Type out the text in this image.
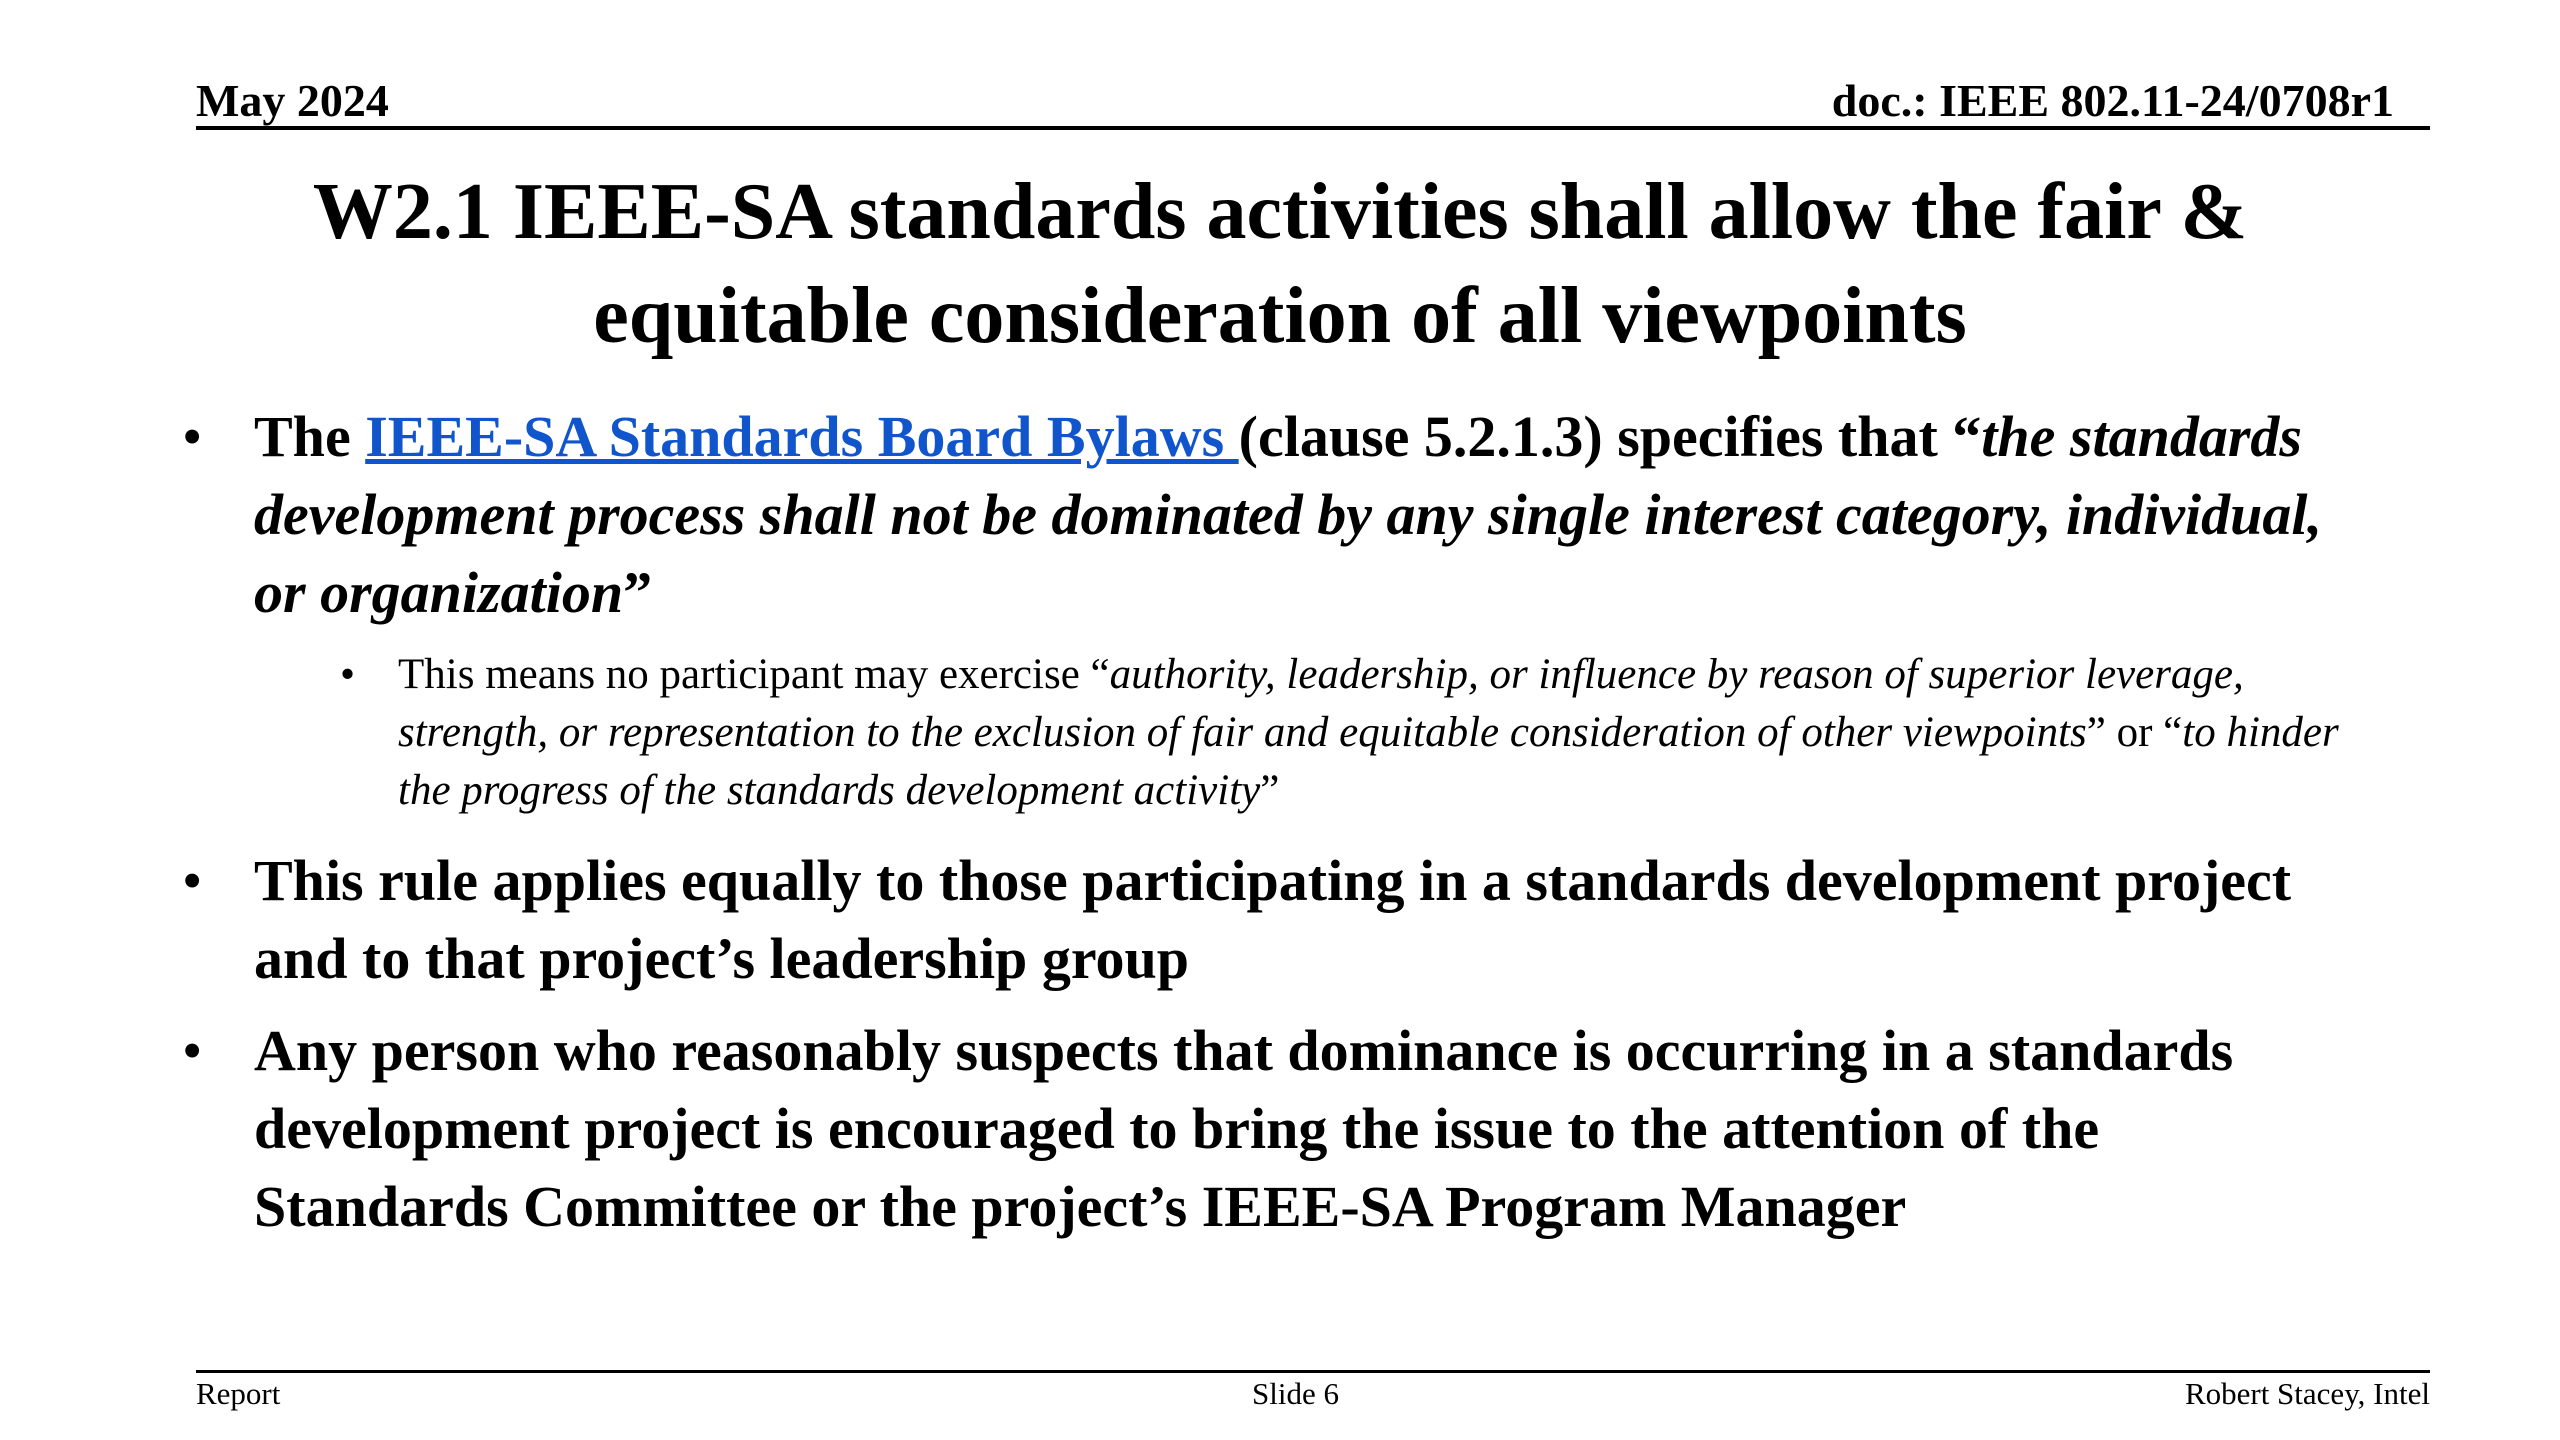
May 2024	doc.: IEEE 802.11-24/0708r1
W2.1 IEEE-SA standards activities shall allow the fair &
equitable consideration of all viewpoints
• The IEEE-SA Standards Board Bylaws (clause 5.2.1.3) specifies that “the standards development process shall not be dominated by any single interest category, individual, or organization”
• This means no participant may exercise “authority, leadership, or influence by reason of superior leverage, strength, or representation to the exclusion of fair and equitable consideration of other viewpoints” or “to hinder the progress of the standards development activity”
• This rule applies equally to those participating in a standards development project and to that project’s leadership group
• Any person who reasonably suspects that dominance is occurring in a standards development project is encouraged to bring the issue to the attention of the Standards Committee or the project’s IEEE-SA Program Manager
Report	Slide 6	Robert Stacey, Intel
